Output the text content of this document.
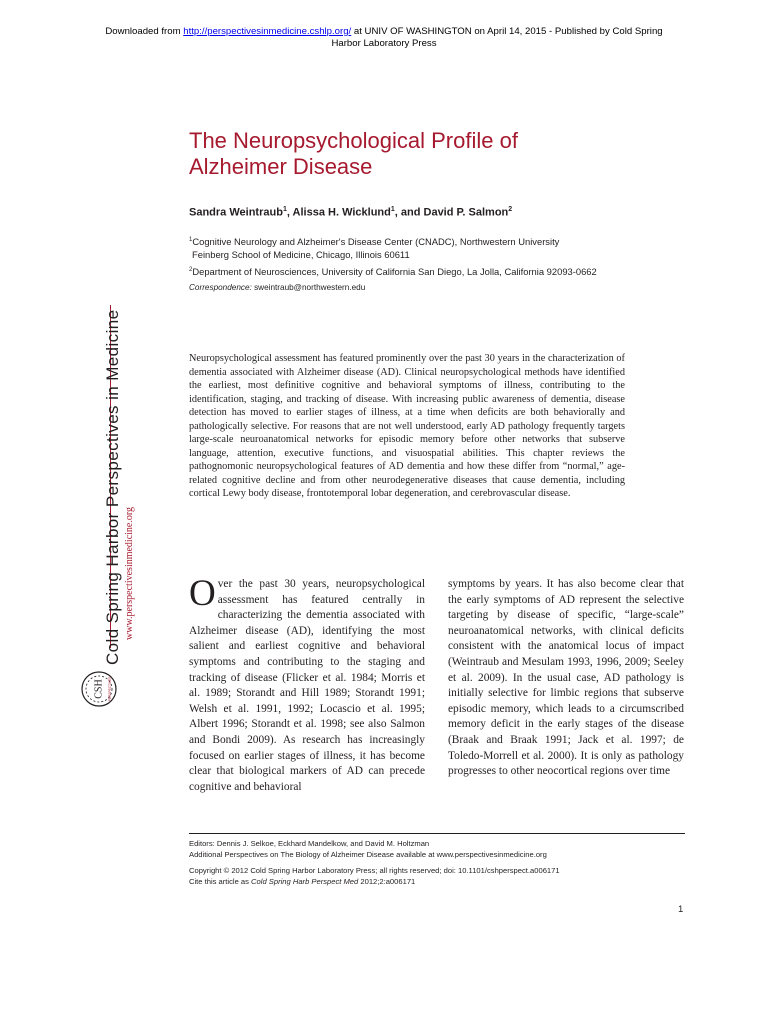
Downloaded from http://perspectivesinmedicine.cshlp.org/ at UNIV OF WASHINGTON on April 14, 2015 - Published by Cold Spring
Harbor Laboratory Press
Cold Spring Harbor Perspectives in Medicine www.perspectivesinmedicine.org
CSH PERSPECTIVES
The Neuropsychological Profile of
Alzheimer Disease
Sandra Weintraub$^1$, Alissa H. Wicklund$^1$, and David P. Salmon$^2$
$^1$Cognitive Neurology and Alzheimer's Disease Center (CNADC), Northwestern University
Feinberg School of Medicine, Chicago, Illinois 60611
$^2$Department of Neurosciences, University of California San Diego, La Jolla, California 92093-0662
Correspondence: sweintraub@northwestern.edu

Neuropsychological assessment has featured prominently over the past 30 years in the characterization of dementia associated with Alzheimer disease (AD). Clinical neuropsychological methods have identified the earliest, most definitive cognitive and behavioral symptoms of illness, contributing to the identification, staging, and tracking of disease. With increasing public awareness of dementia, disease detection has moved to earlier stages of illness, at a time when deficits are both behaviorally and pathologically selective. For reasons that are not well understood, early AD pathology frequently targets large-scale neuroanatomical networks for episodic memory before other networks that subserve language, attention, executive functions, and visuospatial abilities. This chapter reviews the pathognomonic neuropsychological features of AD dementia and how these differ from “normal,” age-related cognitive decline and from other neurodegenerative diseases that cause dementia, including cortical Lewy body disease, frontotemporal lobar degeneration, and cerebrovascular disease.

Over the past 30 years, neuropsychological assessment has featured centrally in characterizing the dementia associated with Alzheimer disease (AD), identifying the most salient and earliest cognitive and behavioral symptoms and contributing to the staging and tracking of disease (Flicker et al. 1984; Morris et al. 1989; Storandt and Hill 1989; Storandt 1991; Welsh et al. 1991, 1992; Locascio et al. 1995; Albert 1996; Storandt et al. 1998; see also Salmon and Bondi 2009). As research has increasingly focused on earlier stages of illness, it has become clear that biological markers of AD can precede cognitive and behavioral

symptoms by years. It has also become clear that the early symptoms of AD represent the selective targeting by disease of specific, “large-scale” neuroanatomical networks, with clinical deficits consistent with the anatomical locus of impact (Weintraub and Mesulam 1993, 1996, 2009; Seeley et al. 2009). In the usual case, AD pathology is initially selective for limbic regions that subserve episodic memory, which leads to a circumscribed memory deficit in the early stages of the disease (Braak and Braak 1991; Jack et al. 1997; de Toledo-Morrell et al. 2000). It is only as pathology progresses to other neocortical regions over time

Editors: Dennis J. Selkoe, Eckhard Mandelkow, and David M. Holtzman
Additional Perspectives on The Biology of Alzheimer Disease available at www.perspectivesinmedicine.org
Copyright © 2012 Cold Spring Harbor Laboratory Press; all rights reserved; doi: 10.1101/cshperspect.a006171
Cite this article as Cold Spring Harb Perspect Med 2012;2:a006171
1
